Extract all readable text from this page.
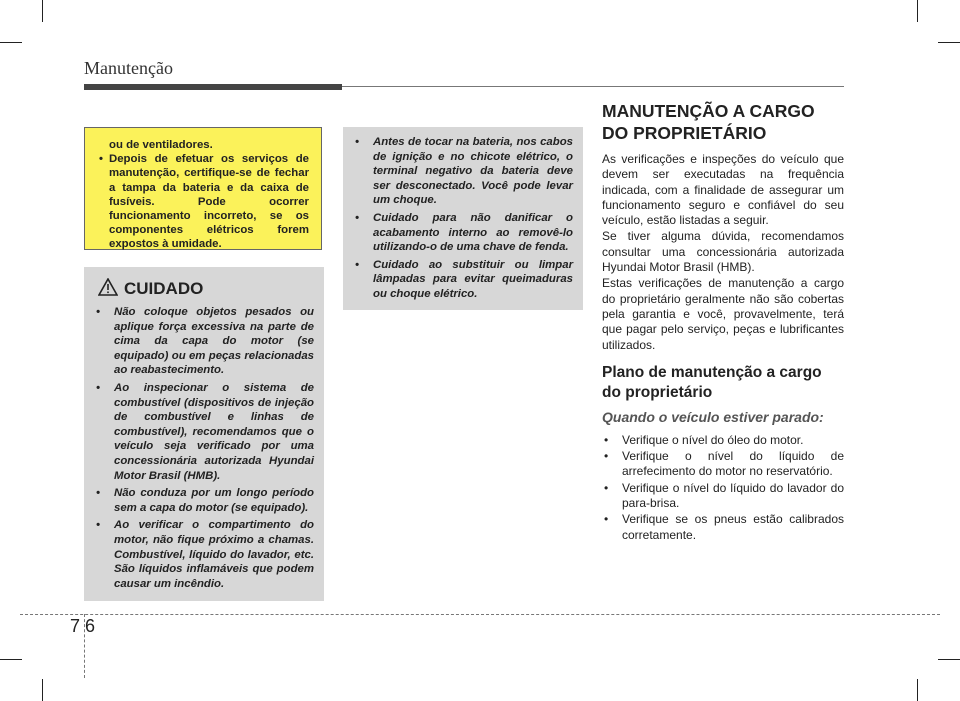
Manutenção
ou de ventiladores.
• Depois de efetuar os serviços de manutenção, certifique-se de fechar a tampa da bateria e da caixa de fusíveis. Pode ocorrer funcionamento incorreto, se os componentes elétricos forem expostos à umidade.
CUIDADO
• Não coloque objetos pesados ou aplique força excessiva na parte de cima da capa do motor (se equipado) ou em peças relacionadas ao reabastecimento.
• Ao inspecionar o sistema de combustível (dispositivos de injeção de combustível e linhas de combustível), recomendamos que o veículo seja verificado por uma concessionária autorizada Hyundai Motor Brasil (HMB).
• Não conduza por um longo período sem a capa do motor (se equipado).
• Ao verificar o compartimento do motor, não fique próximo a chamas. Combustível, líquido do lavador, etc. São líquidos inflamáveis que podem causar um incêndio.
• Antes de tocar na bateria, nos cabos de ignição e no chicote elétrico, o terminal negativo da bateria deve ser desconectado. Você pode levar um choque.
• Cuidado para não danificar o acabamento interno ao removê-lo utilizando-o de uma chave de fenda.
• Cuidado ao substituir ou limpar lâmpadas para evitar queimaduras ou choque elétrico.
MANUTENÇÃO A CARGO DO PROPRIETÁRIO
As verificações e inspeções do veículo que devem ser executadas na frequência indicada, com a finalidade de assegurar um funcionamento seguro e confiável do seu veículo, estão listadas a seguir.
Se tiver alguma dúvida, recomendamos consultar uma concessionária autorizada Hyundai Motor Brasil (HMB).
Estas verificações de manutenção a cargo do proprietário geralmente não são cobertas pela garantia e você, provavelmente, terá que pagar pelo serviço, peças e lubrificantes utilizados.
Plano de manutenção a cargo do proprietário
Quando o veículo estiver parado:
• Verifique o nível do óleo do motor.
• Verifique o nível do líquido de arrefecimento do motor no reservatório.
• Verifique o nível do líquido do lavador do para-brisa.
• Verifique se os pneus estão calibrados corretamente.
7 6
